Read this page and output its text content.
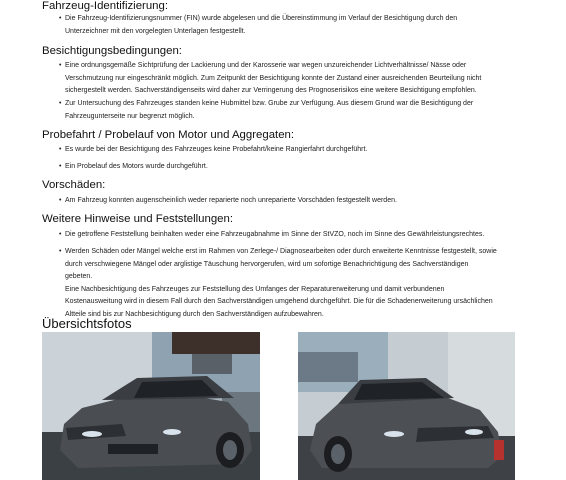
Fahrzeug-Identifizierung:
• Die Fahrzeug-Identifizierungsnummer (FIN) wurde abgelesen und die Übereinstimmung im Verlauf der Besichtigung durch den
Unterzeichner mit den vorgelegten Unterlagen festgestellt.
Besichtigungsbedingungen:
• Eine ordnungsgemäße Sichtprüfung der Lackierung und der Karosserie war wegen unzureichender Lichtverhältnisse/ Nässe oder
Verschmutzung nur eingeschränkt möglich. Zum Zeitpunkt der Besichtigung konnte der Zustand einer ausreichenden Beurteilung nicht
sichergestellt werden. Sachverständigenseits wird daher zur Verringerung des Prognoserisikos eine weitere Besichtigung empfohlen.
• Zur Untersuchung des Fahrzeuges standen keine Hubmittel bzw. Grube zur Verfügung. Aus diesem Grund war die Besichtigung der
Fahrzeugunterseite nur begrenzt möglich.
Probefahrt / Probelauf von Motor und Aggregaten:
• Es wurde bei der Besichtigung des Fahrzeuges keine Probefahrt/keine Rangierfahrt durchgeführt.
• Ein Probelauf des Motors wurde durchgeführt.
Vorschäden:
• Am Fahrzeug konnten augenscheinlich weder reparierte noch unreparierte Vorschäden festgestellt werden.
Weitere Hinweise und Feststellungen:
• Die getroffene Feststellung beinhalten weder eine Fahrzeugabnahme im Sinne der StVZO, noch im Sinne des Gewährleistungsrechtes.
• Werden Schäden oder Mängel welche erst im Rahmen von Zerlege-/ Diagnosearbeiten oder durch erweiterte Kenntnisse festgestellt, sowie
durch verschwiegene Mängel oder arglistige Täuschung hervorgerufen, wird um sofortige Benachrichtigung des Sachverständigen
gebeten.
Eine Nachbesichtigung des Fahrzeuges zur Feststellung des Umfanges der Reparaturerweiterung und damit verbundenen
Kostenausweitung wird in diesem Fall durch den Sachverständigen umgehend durchgeführt. Die für die Schadenerweiterung ursächlichen
Altteile sind bis zur Nachbesichtigung durch den Sachverständigen aufzubewahren.
Übersichtsfotos
